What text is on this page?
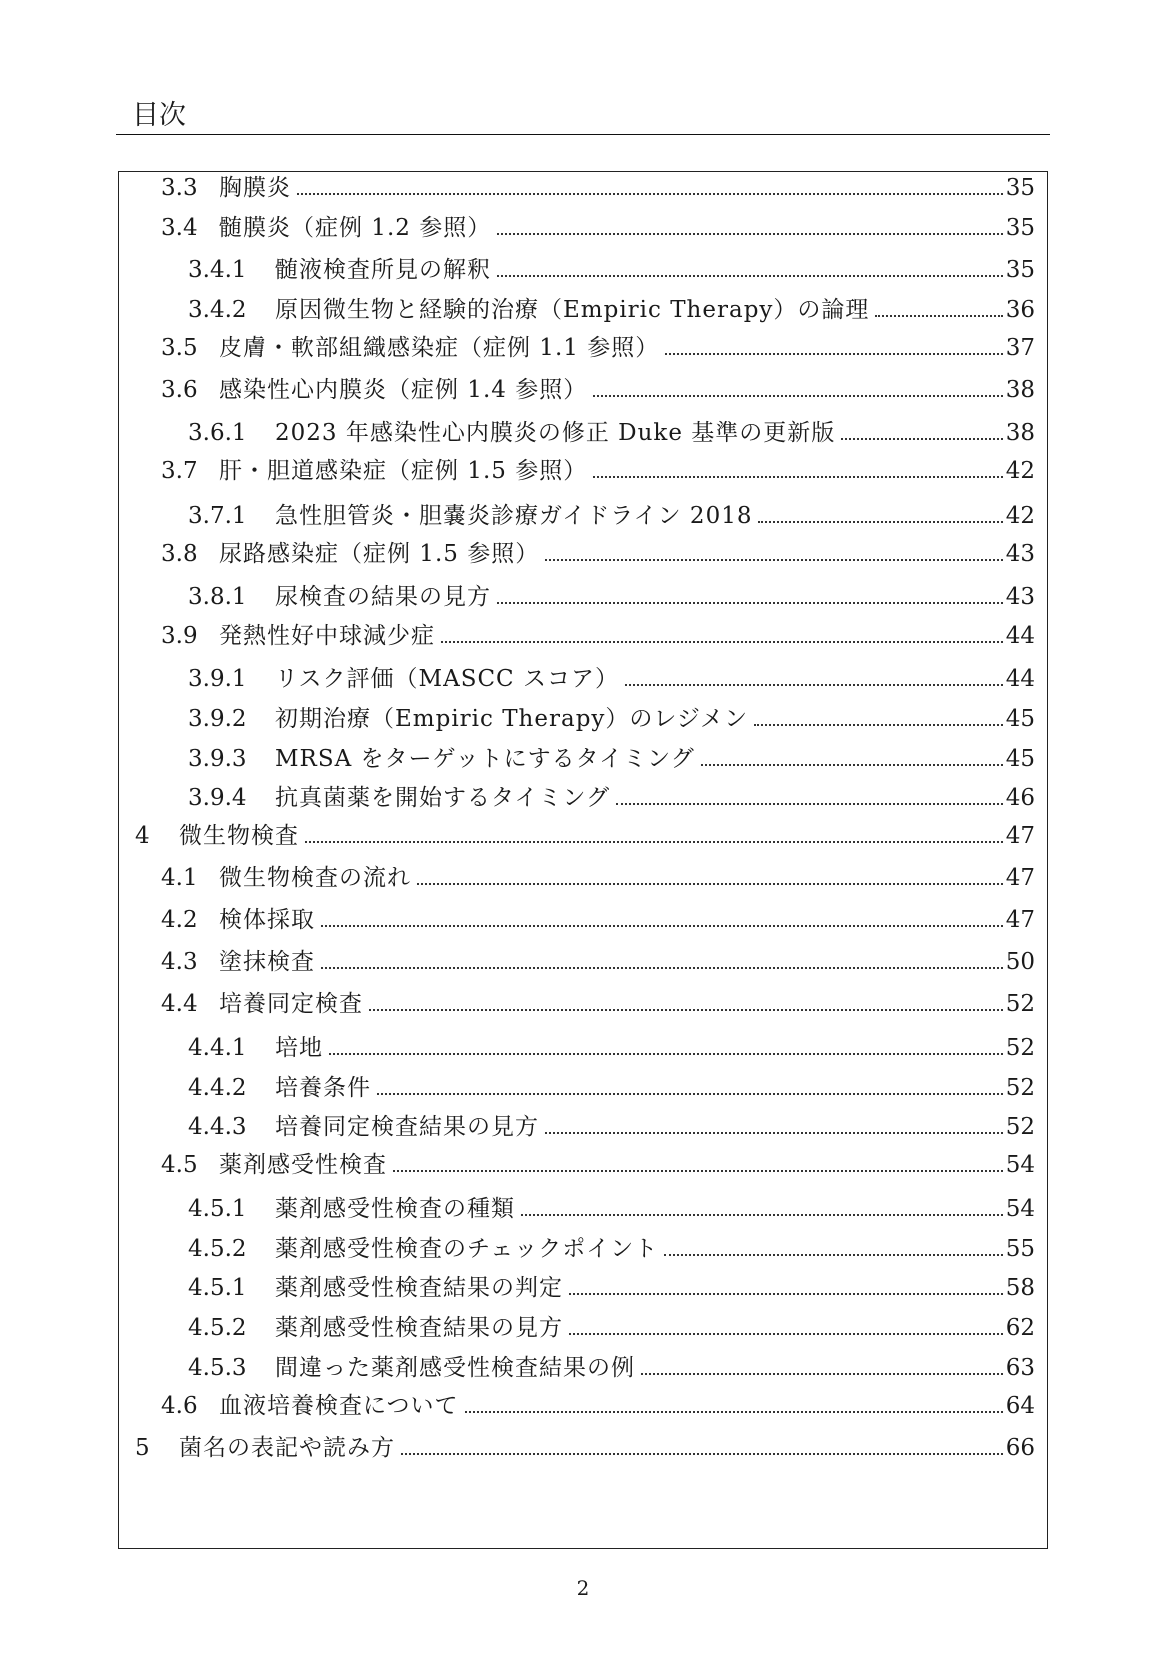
目次
3.3 胸膜炎	35
3.4 髄膜炎（症例 1.2 参照）	35
3.4.1	髄液検査所見の解釈	35
3.4.2	原因微生物と経験的治療（Empiric Therapy）の論理	36
3.5 皮膚・軟部組織感染症（症例 1.1 参照）	37
3.6 感染性心内膜炎（症例 1.4 参照）	38
3.6.1	2023 年感染性心内膜炎の修正 Duke 基準の更新版	38
3.7 肝・胆道感染症（症例 1.5 参照）	42
3.7.1	急性胆管炎・胆嚢炎診療ガイドライン 2018	42
3.8 尿路感染症（症例 1.5 参照）	43
3.8.1	尿検査の結果の見方	43
3.9 発熱性好中球減少症	44
3.9.1	リスク評価（MASCC スコア）	44
3.9.2	初期治療（Empiric Therapy）のレジメン	45
3.9.3	MRSA をターゲットにするタイミング	45
3.9.4	抗真菌薬を開始するタイミング	46
4	微生物検査	47
4.1 微生物検査の流れ	47
4.2 検体採取	47
4.3 塗抹検査	50
4.4 培養同定検査	52
4.4.1	培地	52
4.4.2	培養条件	52
4.4.3	培養同定検査結果の見方	52
4.5 薬剤感受性検査	54
4.5.1	薬剤感受性検査の種類	54
4.5.2	薬剤感受性検査のチェックポイント	55
4.5.1	薬剤感受性検査結果の判定	58
4.5.2	薬剤感受性検査結果の見方	62
4.5.3	間違った薬剤感受性検査結果の例	63
4.6 血液培養検査について	64
5	菌名の表記や読み方	66
2
